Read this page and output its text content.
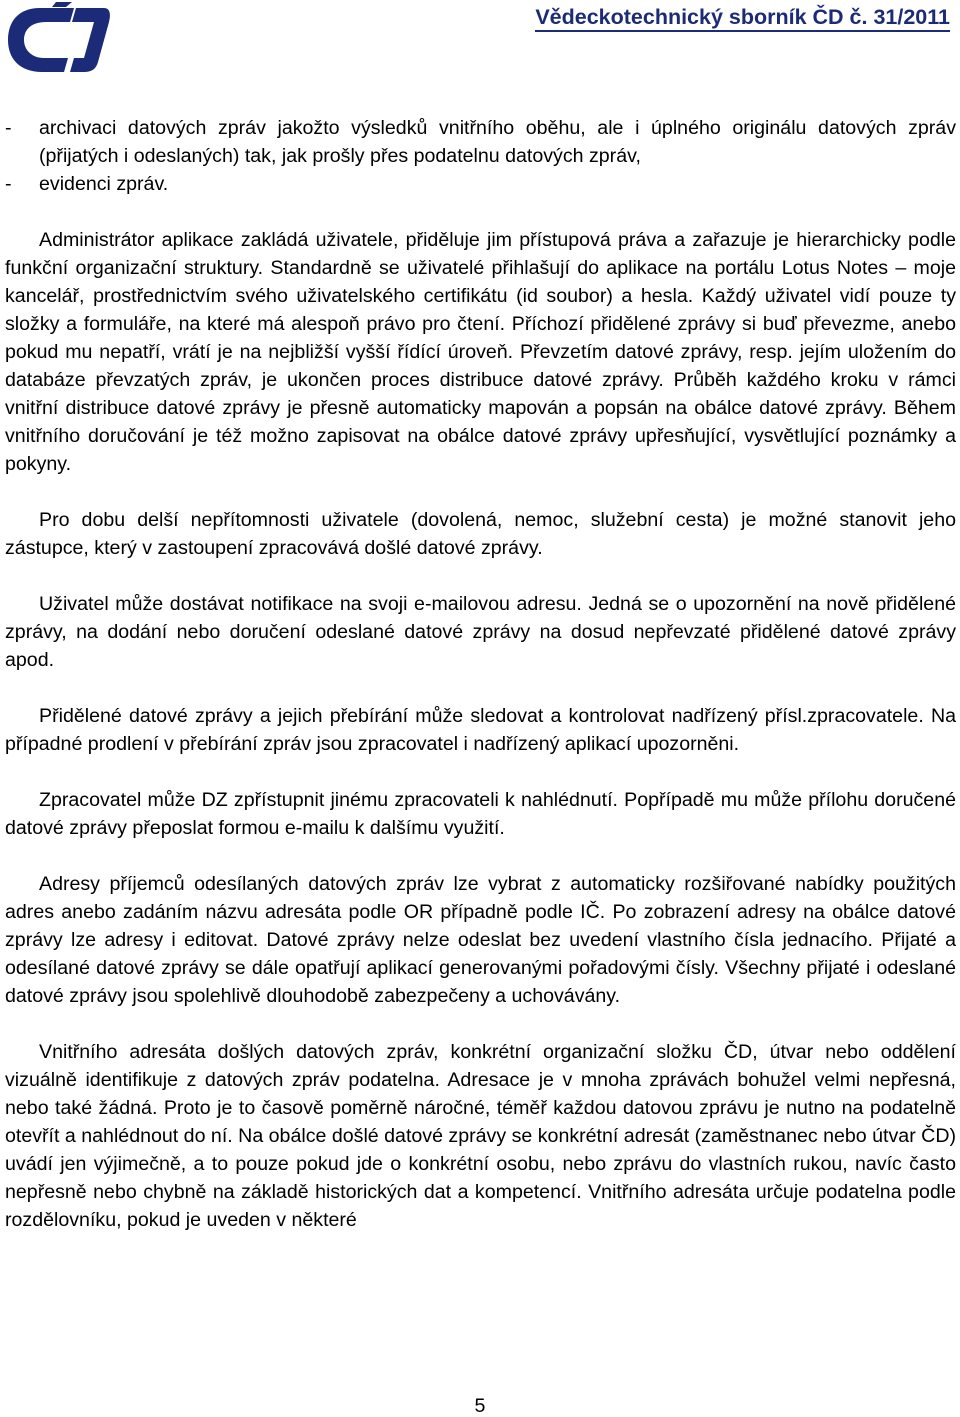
Vědeckotechnický sborník ČD č. 31/2011
-	archivaci datových zpráv jakožto výsledků vnitřního oběhu, ale i úplného originálu datových zpráv (přijatých i odeslaných) tak, jak prošly přes podatelnu datových zpráv,
-	evidenci zpráv.

Administrátor aplikace zakládá uživatele, přiděluje jim přístupová práva a zařazuje je hierarchicky podle funkční organizační struktury. Standardně se uživatelé přihlašují do aplikace na portálu Lotus Notes – moje kancelář, prostřednictvím svého uživatelského certifikátu (id soubor) a hesla. Každý uživatel vidí pouze ty složky a formuláře, na které má alespoň právo pro čtení. Příchozí přidělené zprávy si buď převezme, anebo pokud mu nepatří, vrátí je na nejbližší vyšší řídící úroveň. Převzetím datové zprávy, resp. jejím uložením do databáze převzatých zpráv, je ukončen proces distribuce datové zprávy. Průběh každého kroku v rámci vnitřní distribuce datové zprávy je přesně automaticky mapován a popsán na obálce datové zprávy. Během vnitřního doručování je též možno zapisovat na obálce datové zprávy upřesňující, vysvětlující poznámky a pokyny.

Pro dobu delší nepřítomnosti uživatele (dovolená, nemoc, služební cesta) je možné stanovit jeho zástupce, který v zastoupení zpracovává došlé datové zprávy.

Uživatel může dostávat notifikace na svoji e-mailovou adresu. Jedná se o upozornění na nově přidělené zprávy, na dodání nebo doručení odeslané datové zprávy na dosud nepřevzaté přidělené datové zprávy apod.

Přidělené datové zprávy a jejich přebírání může sledovat a kontrolovat nadřízený přísl.zpracovatele. Na případné prodlení v přebírání zpráv jsou zpracovatel i nadřízený aplikací upozorněni.

Zpracovatel může DZ zpřístupnit jinému zpracovateli k nahlédnutí. Popřípadě mu může přílohu doručené datové zprávy přeposlat formou e-mailu k dalšímu využití.

Adresy příjemců odesílaných datových zpráv lze vybrat z automaticky rozšiřované nabídky použitých adres anebo zadáním názvu adresáta podle OR případně podle IČ. Po zobrazení adresy na obálce datové zprávy lze adresy i editovat. Datové zprávy nelze odeslat bez uvedení vlastního čísla jednacího. Přijaté a odesílané datové zprávy se dále opatřují aplikací generovanými pořadovými čísly. Všechny přijaté i odeslané datové zprávy jsou spolehlivě dlouhodobě zabezpečeny a uchovávány.

Vnitřního adresáta došlých datových zpráv, konkrétní organizační složku ČD, útvar nebo oddělení vizuálně identifikuje z datových zpráv podatelna. Adresace je v mnoha zprávách bohužel velmi nepřesná, nebo také žádná. Proto je to časově poměrně náročné, téměř každou datovou zprávu je nutno na podatelně otevřít a nahlédnout do ní. Na obálce došlé datové zprávy se konkrétní adresát (zaměstnanec nebo útvar ČD) uvádí jen výjimečně, a to pouze pokud jde o konkrétní osobu, nebo zprávu do vlastních rukou, navíc často nepřesně nebo chybně na základě historických dat a kompetencí. Vnitřního adresáta určuje podatelna podle rozdělovníku, pokud je uveden v některé

5
